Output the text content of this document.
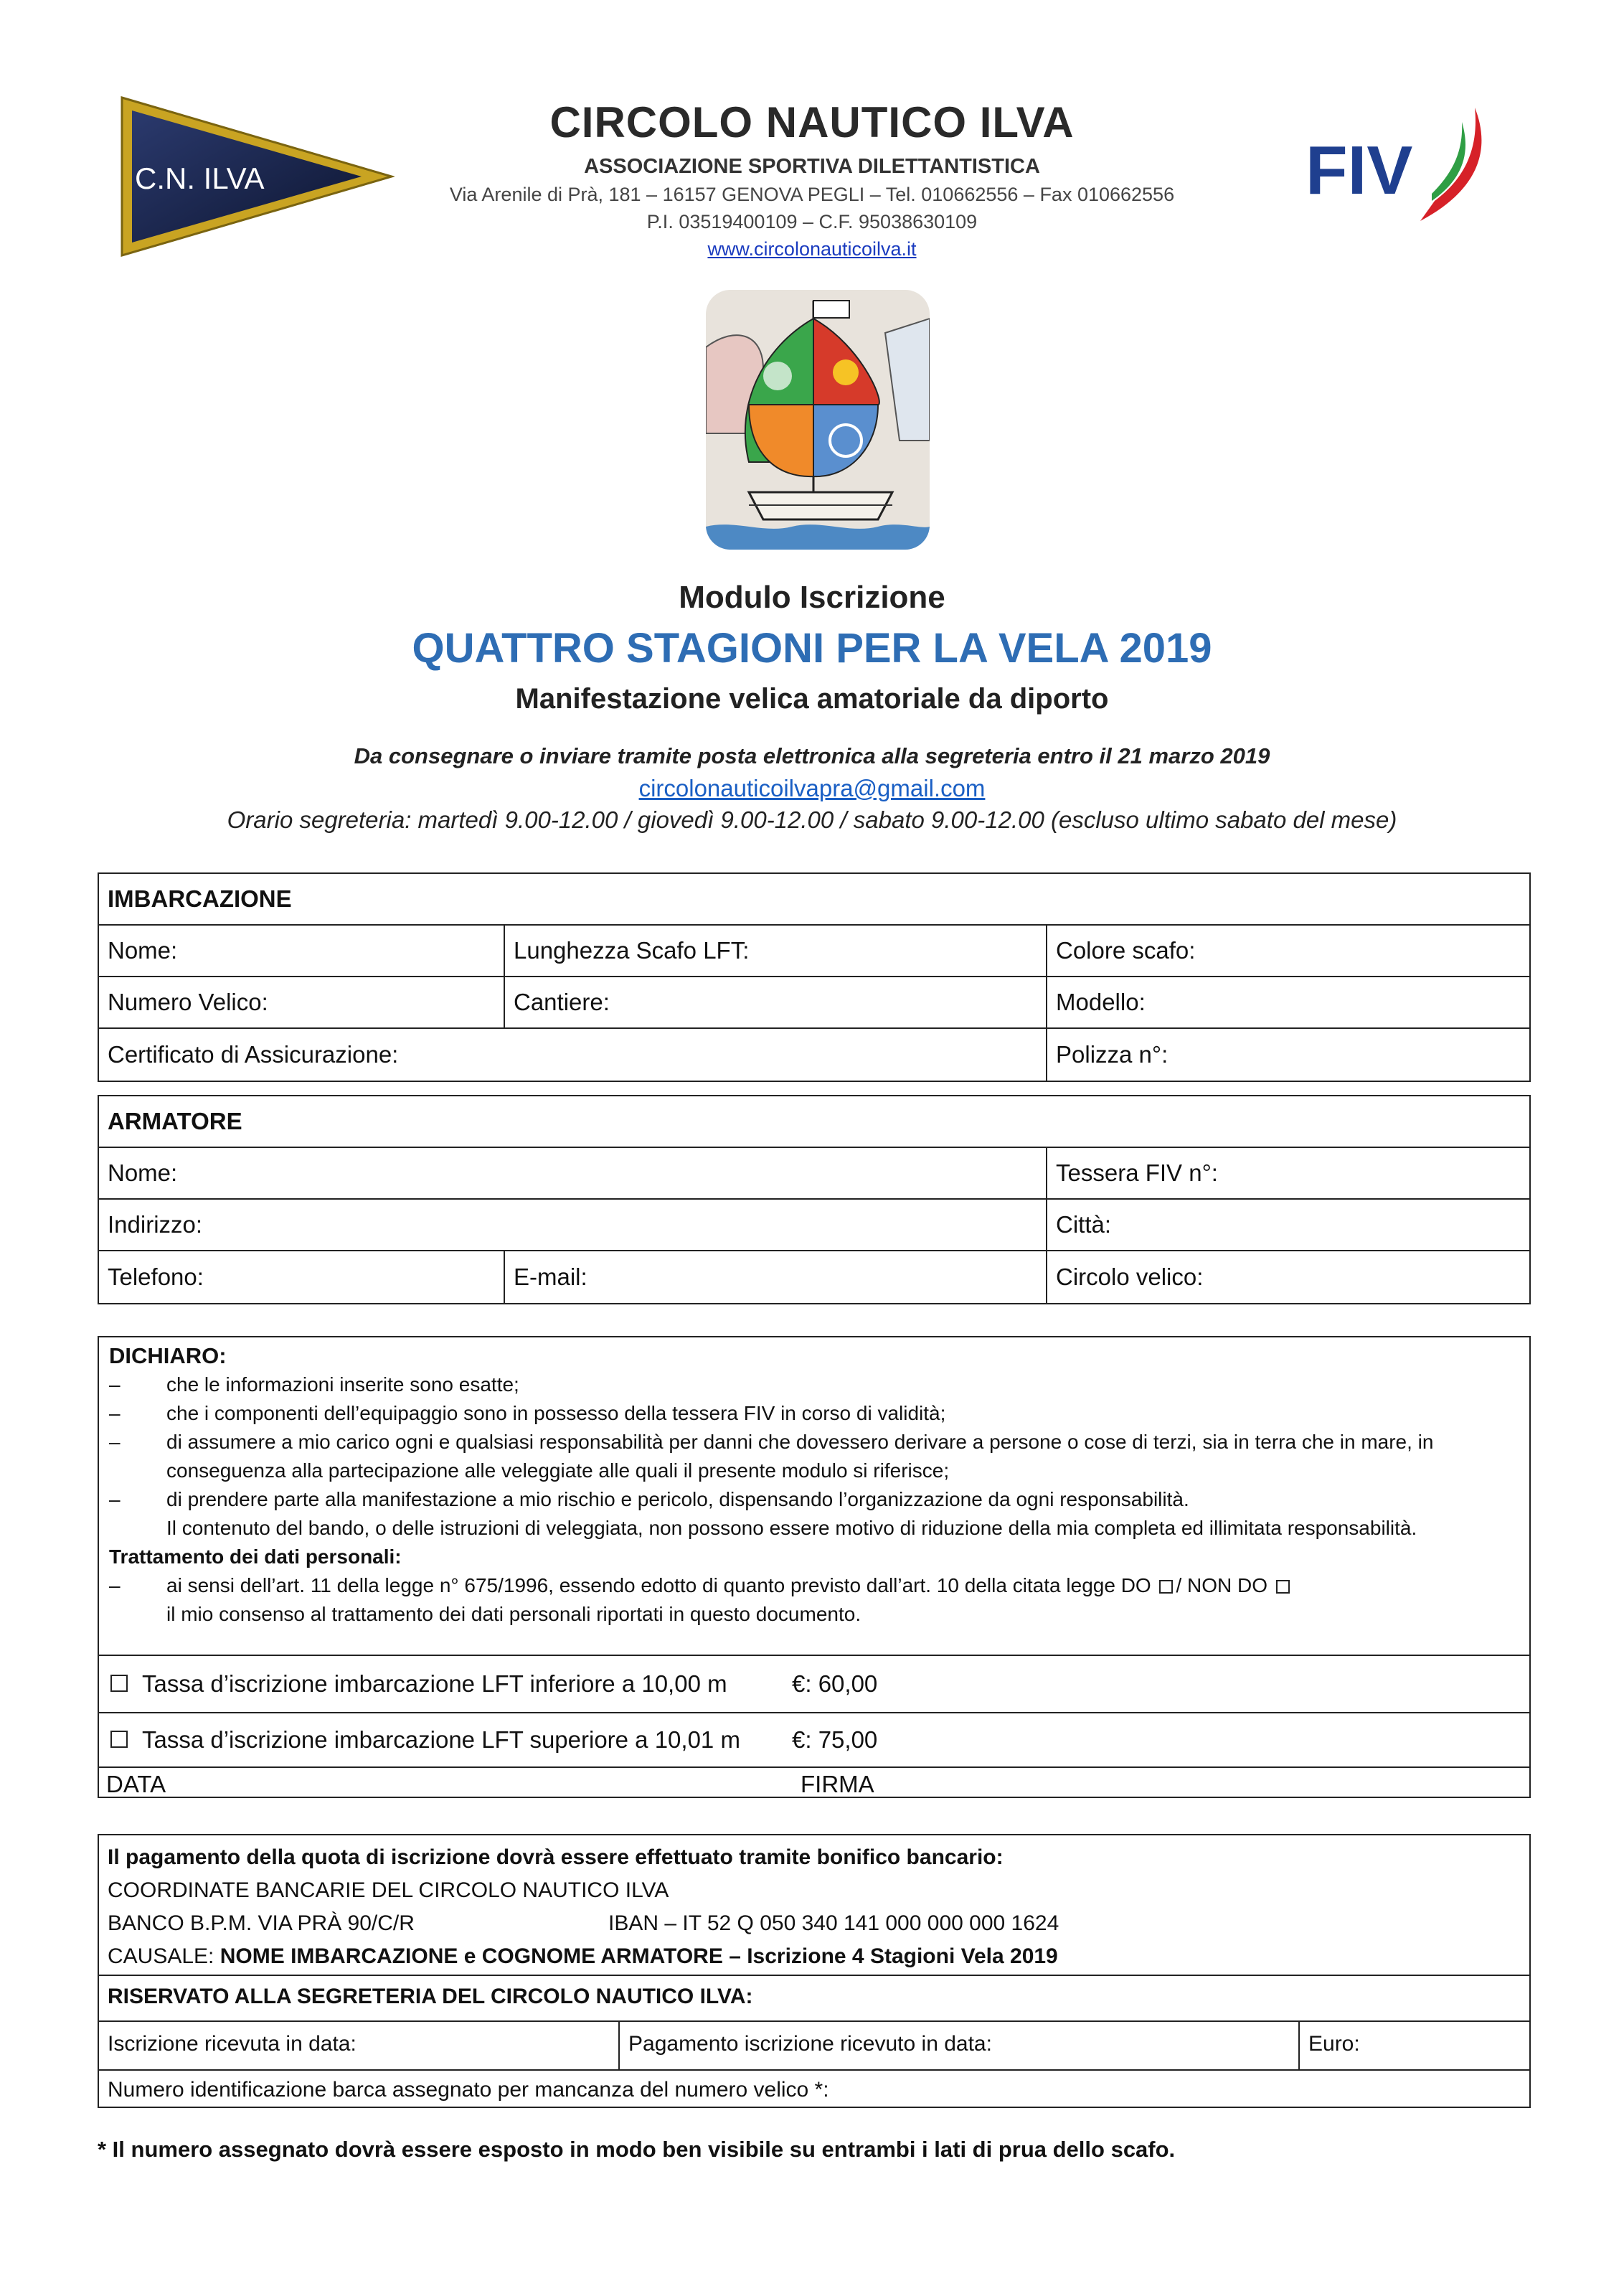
C.N. ILVA
CIRCOLO NAUTICO ILVA
ASSOCIAZIONE SPORTIVA DILETTANTISTICA
Via Arenile di Prà, 181 – 16157 GENOVA PEGLI – Tel. 010662556 – Fax 010662556
P.I. 03519400109 – C.F. 95038630109
www.circolonauticoilva.it
FIV
Modulo Iscrizione
QUATTRO STAGIONI PER LA VELA 2019
Manifestazione velica amatoriale da diporto
Da consegnare o inviare tramite posta elettronica alla segreteria entro il 21 marzo 2019
circolonauticoilvapra@gmail.com
Orario segreteria: martedì 9.00-12.00 / giovedì 9.00-12.00 / sabato 9.00-12.00 (escluso ultimo sabato del mese)
IMBARCAZIONE
Nome:	Lunghezza Scafo LFT:	Colore scafo:
Numero Velico:	Cantiere:	Modello:
Certificato di Assicurazione:	Polizza n°:
ARMATORE
Nome:	Tessera FIV n°:
Indirizzo:	Città:
Telefono:	E-mail:	Circolo velico:
DICHIARO:
– che le informazioni inserite sono esatte;
– che i componenti dell’equipaggio sono in possesso della tessera FIV in corso di validità;
– di assumere a mio carico ogni e qualsiasi responsabilità per danni che dovessero derivare a persone o cose di terzi, sia in terra che in mare, in
conseguenza alla partecipazione alle veleggiate alle quali il presente modulo si riferisce;
– di prendere parte alla manifestazione a mio rischio e pericolo, dispensando l’organizzazione da ogni responsabilità.
Il contenuto del bando, o delle istruzioni di veleggiata, non possono essere motivo di riduzione della mia completa ed illimitata responsabilità.
Trattamento dei dati personali:
– ai sensi dell’art. 11 della legge n° 675/1996, essendo edotto di quanto previsto dall’art. 10 della citata legge DO / NON DO
il mio consenso al trattamento dei dati personali riportati in questo documento.
Tassa d’iscrizione imbarcazione LFT inferiore a 10,00 m	€: 60,00
Tassa d’iscrizione imbarcazione LFT superiore a 10,01 m €: 75,00
DATA	FIRMA
Il pagamento della quota di iscrizione dovrà essere effettuato tramite bonifico bancario:
COORDINATE BANCARIE DEL CIRCOLO NAUTICO ILVA
BANCO B.P.M. VIA PRÀ 90/C/R	IBAN – IT 52 Q 050 340 141 000 000 000 1624
CAUSALE: NOME IMBARCAZIONE e COGNOME ARMATORE – Iscrizione 4 Stagioni Vela 2019
RISERVATO ALLA SEGRETERIA DEL CIRCOLO NAUTICO ILVA:
Iscrizione ricevuta in data:	Pagamento iscrizione ricevuto in data:	Euro:
Numero identificazione barca assegnato per mancanza del numero velico *:
* Il numero assegnato dovrà essere esposto in modo ben visibile su entrambi i lati di prua dello scafo.
